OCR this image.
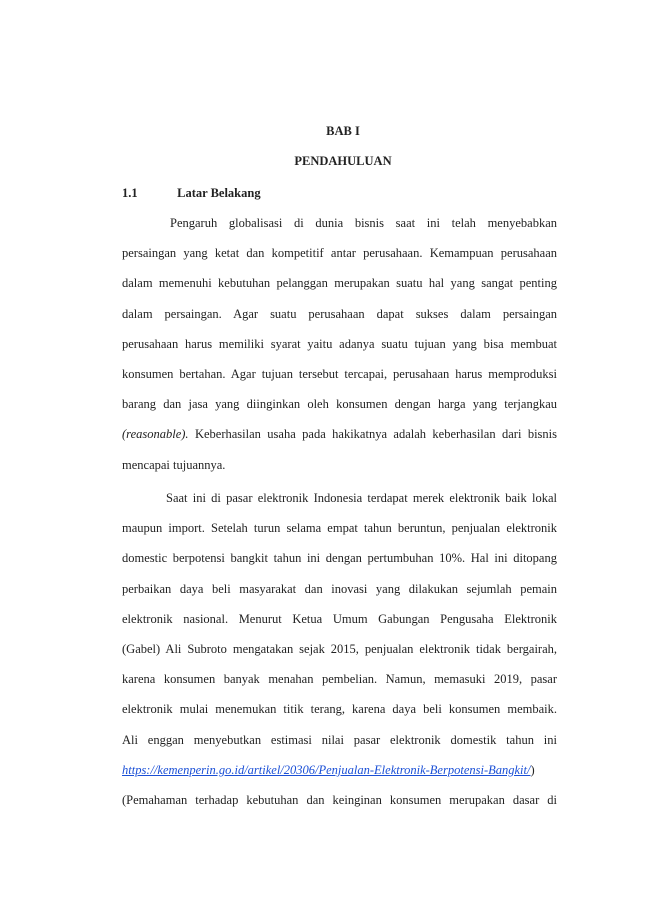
BAB I
PENDAHULUAN
1.1	Latar Belakang
Pengaruh globalisasi di dunia bisnis saat ini telah menyebabkan
persaingan yang ketat dan kompetitif antar perusahaan. Kemampuan perusahaan
dalam memenuhi kebutuhan pelanggan merupakan suatu hal yang sangat penting
dalam persaingan. Agar suatu perusahaan dapat sukses dalam persaingan
perusahaan harus memiliki syarat yaitu adanya suatu tujuan yang bisa membuat
konsumen bertahan. Agar tujuan tersebut tercapai, perusahaan harus memproduksi
barang dan jasa yang diinginkan oleh konsumen dengan harga yang terjangkau
(reasonable). Keberhasilan usaha pada hakikatnya adalah keberhasilan dari bisnis
mencapai tujuannya.
Saat ini di pasar elektronik Indonesia terdapat merek elektronik baik lokal
maupun import. Setelah turun selama empat tahun beruntun, penjualan elektronik
domestic berpotensi bangkit tahun ini dengan pertumbuhan 10%. Hal ini ditopang
perbaikan daya beli masyarakat dan inovasi yang dilakukan sejumlah pemain
elektronik nasional. Menurut Ketua Umum Gabungan Pengusaha Elektronik
(Gabel) Ali Subroto mengatakan sejak 2015, penjualan elektronik tidak bergairah,
karena konsumen banyak menahan pembelian. Namun, memasuki 2019, pasar
elektronik mulai menemukan titik terang, karena daya beli konsumen membaik.
Ali enggan menyebutkan estimasi nilai pasar elektronik domestik tahun ini
https://kemenperin.go.id/artikel/20306/Penjualan-Elektronik-Berpotensi-Bangkit/)
(Pemahaman terhadap kebutuhan dan keinginan konsumen merupakan dasar di
